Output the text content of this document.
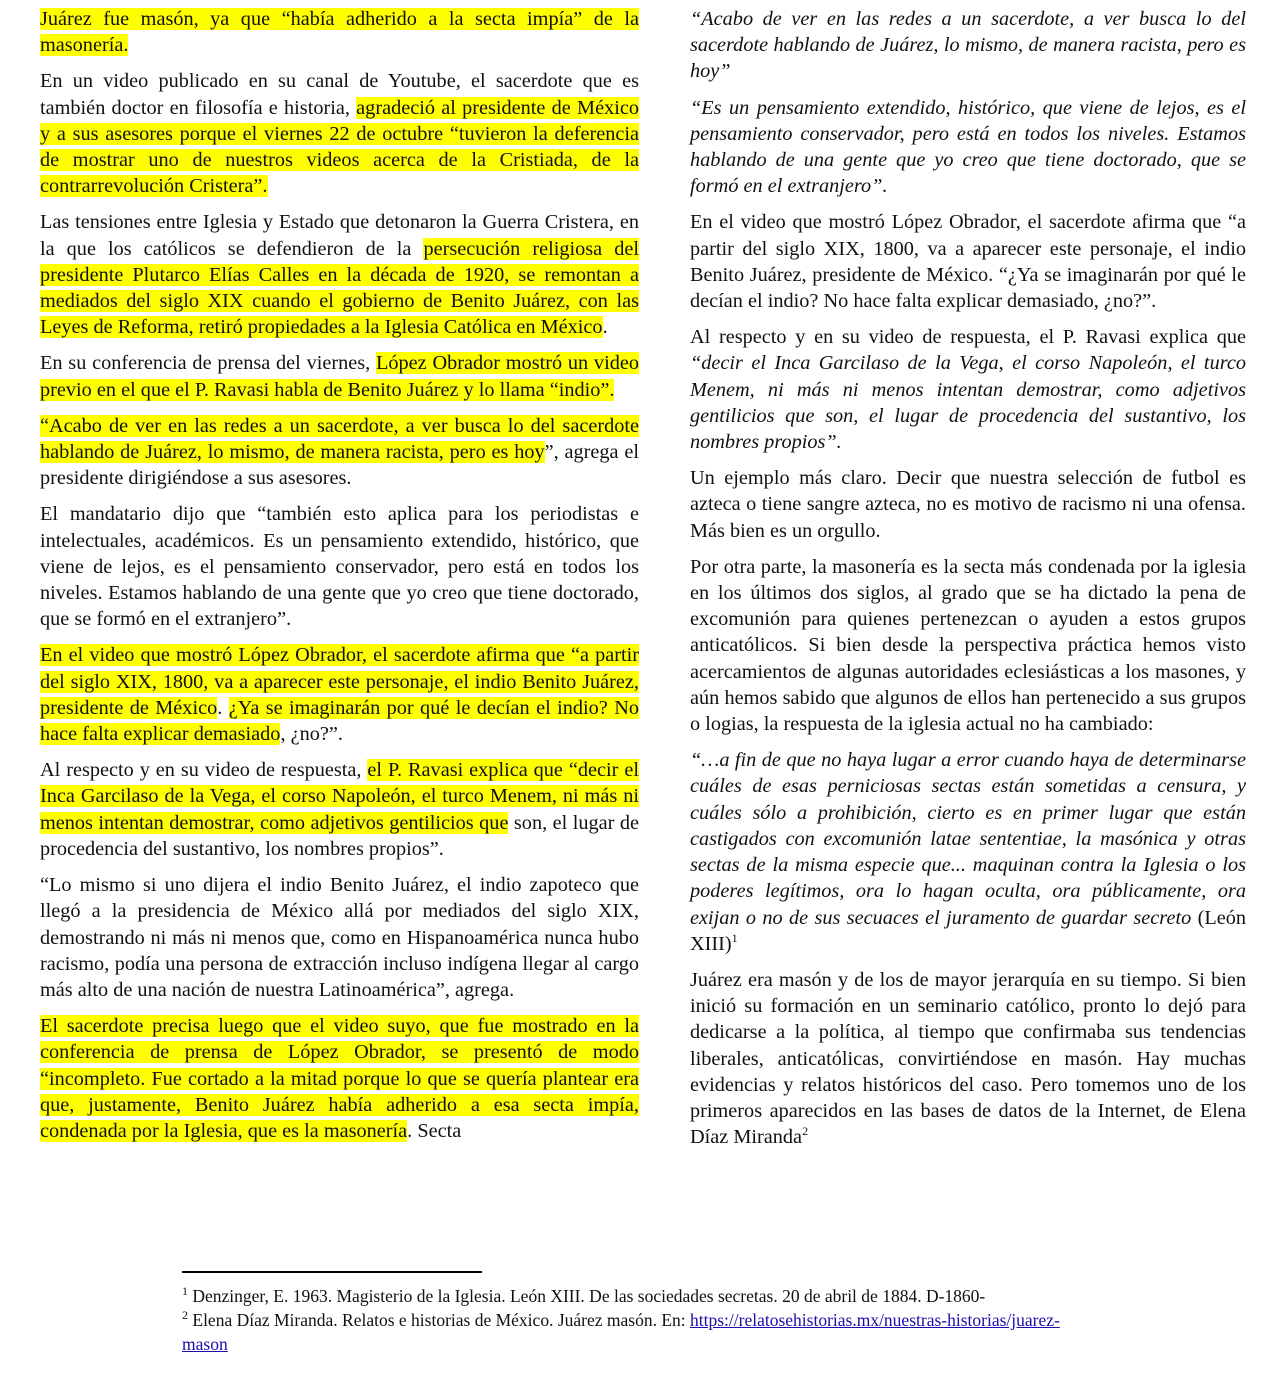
Juárez fue masón, ya que “había adherido a la secta impía” de la masonería.

En un video publicado en su canal de Youtube, el sacerdote que es también doctor en filosofía e historia, agradeció al presidente de México y a sus asesores porque el viernes 22 de octubre “tuvieron la deferencia de mostrar uno de nuestros videos acerca de la Cristiada, de la contrarrevolución Cristera”.

Las tensiones entre Iglesia y Estado que detonaron la Guerra Cristera, en la que los católicos se defendieron de la persecución religiosa del presidente Plutarco Elías Calles en la década de 1920, se remontan a mediados del siglo XIX cuando el gobierno de Benito Juárez, con las Leyes de Reforma, retiró propiedades a la Iglesia Católica en México.

En su conferencia de prensa del viernes, López Obrador mostró un video previo en el que el P. Ravasi habla de Benito Juárez y lo llama “indio”.

“Acabo de ver en las redes a un sacerdote, a ver busca lo del sacerdote hablando de Juárez, lo mismo, de manera racista, pero es hoy”, agrega el presidente dirigiéndose a sus asesores.

El mandatario dijo que “también esto aplica para los periodistas e intelectuales, académicos. Es un pensamiento extendido, histórico, que viene de lejos, es el pensamiento conservador, pero está en todos los niveles. Estamos hablando de una gente que yo creo que tiene doctorado, que se formó en el extranjero”.

En el video que mostró López Obrador, el sacerdote afirma que “a partir del siglo XIX, 1800, va a aparecer este personaje, el indio Benito Juárez, presidente de México. ¿Ya se imaginarán por qué le decían el indio? No hace falta explicar demasiado, ¿no?”.

Al respecto y en su video de respuesta, el P. Ravasi explica que “decir el Inca Garcilaso de la Vega, el corso Napoleón, el turco Menem, ni más ni menos intentan demostrar, como adjetivos gentilicios que son, el lugar de procedencia del sustantivo, los nombres propios”.

“Lo mismo si uno dijera el indio Benito Juárez, el indio zapoteco que llegó a la presidencia de México allá por mediados del siglo XIX, demostrando ni más ni menos que, como en Hispanoamérica nunca hubo racismo, podía una persona de extracción incluso indígena llegar al cargo más alto de una nación de nuestra Latinoamérica”, agrega.

El sacerdote precisa luego que el video suyo, que fue mostrado en la conferencia de prensa de López Obrador, se presentó de modo “incompleto. Fue cortado a la mitad porque lo que se quería plantear era que, justamente, Benito Juárez había adherido a esa secta impía, condenada por la Iglesia, que es la masonería. Secta

“Acabo de ver en las redes a un sacerdote, a ver busca lo del sacerdote hablando de Juárez, lo mismo, de manera racista, pero es hoy”

“Es un pensamiento extendido, histórico, que viene de lejos, es el pensamiento conservador, pero está en todos los niveles. Estamos hablando de una gente que yo creo que tiene doctorado, que se formó en el extranjero”.

En el video que mostró López Obrador, el sacerdote afirma que “a partir del siglo XIX, 1800, va a aparecer este personaje, el indio Benito Juárez, presidente de México. “¿Ya se imaginarán por qué le decían el indio? No hace falta explicar demasiado, ¿no?”.

Al respecto y en su video de respuesta, el P. Ravasi explica que “decir el Inca Garcilaso de la Vega, el corso Napoleón, el turco Menem, ni más ni menos intentan demostrar, como adjetivos gentilicios que son, el lugar de procedencia del sustantivo, los nombres propios”.

Un ejemplo más claro. Decir que nuestra selección de futbol es azteca o tiene sangre azteca, no es motivo de racismo ni una ofensa. Más bien es un orgullo.

Por otra parte, la masonería es la secta más condenada por la iglesia en los últimos dos siglos, al grado que se ha dictado la pena de excomunión para quienes pertenezcan o ayuden a estos grupos anticatólicos. Si bien desde la perspectiva práctica hemos visto acercamientos de algunas autoridades eclesiásticas a los masones, y aún hemos sabido que algunos de ellos han pertenecido a sus grupos o logias, la respuesta de la iglesia actual no ha cambiado:

“…a fin de que no haya lugar a error cuando haya de determinarse cuáles de esas perniciosas sectas están sometidas a censura, y cuáles sólo a prohibición, cierto es en primer lugar que están castigados con excomunión latae sententiae, la masónica y otras sectas de la misma especie que... maquinan contra la Iglesia o los poderes legítimos, ora lo hagan oculta, ora públicamente, ora exijan o no de sus secuaces el juramento de guardar secreto (León XIII)$^1$

Juárez era masón y de los de mayor jerarquía en su tiempo. Si bien inició su formación en un seminario católico, pronto lo dejó para dedicarse a la política, al tiempo que confirmaba sus tendencias liberales, anticatólicas, convirtiéndose en masón. Hay muchas evidencias y relatos históricos del caso. Pero tomemos uno de los primeros aparecidos en las bases de datos de la Internet, de Elena Díaz Miranda$^2$

$^1$ Denzinger, E. 1963. Magisterio de la Iglesia. León XIII. De las sociedades secretas. 20 de abril de 1884. D-1860-

$^2$ Elena Díaz Miranda. Relatos e historias de México. Juárez masón. En: https://relatosehistorias.mx/nuestras-historias/juarez-mason
